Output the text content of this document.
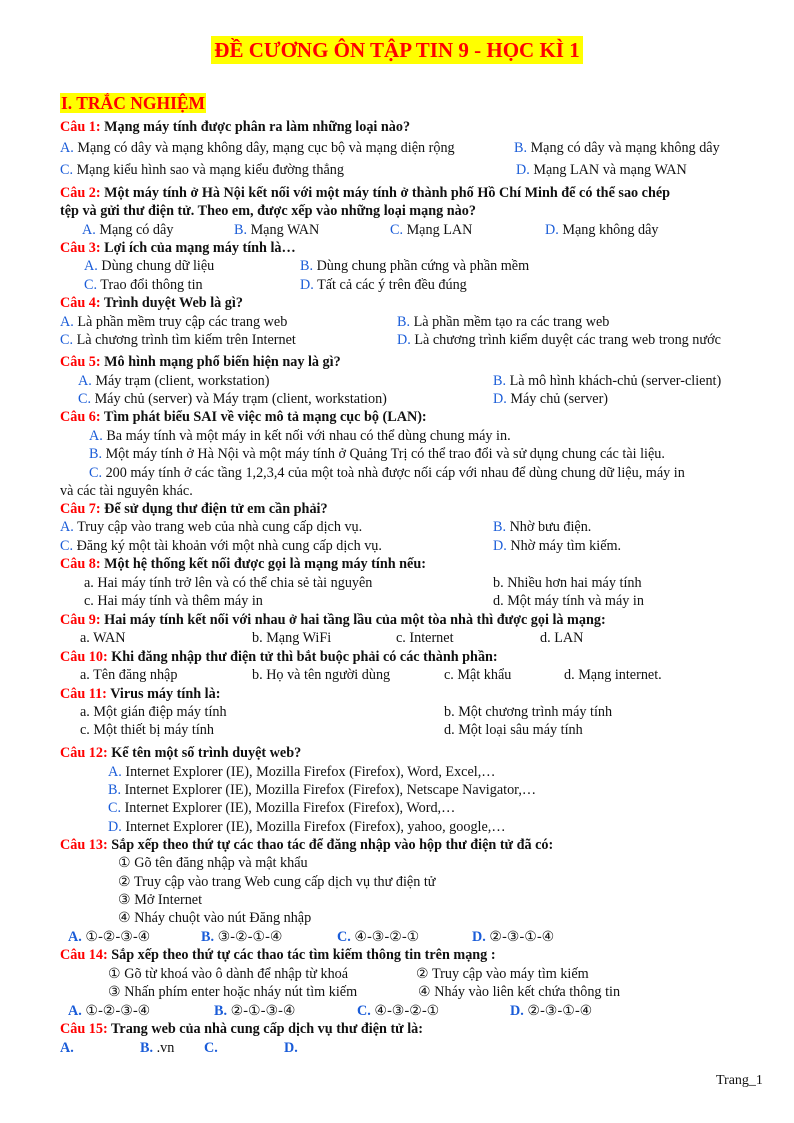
ĐỀ CƯƠNG ÔN TẬP TIN 9 - HỌC KÌ 1
I. TRẮC NGHIỆM
Câu 1: Mạng máy tính được phân ra làm những loại nào?
A. Mạng có dây và mạng không dây, mạng cục bộ và mạng diện rộng	B. Mạng có dây và mạng không dây
C. Mạng kiểu hình sao và mạng kiểu đường thẳng	D. Mạng LAN và mạng WAN
Câu 2: Một máy tính ở Hà Nội kết nối với một máy tính ở thành phố Hồ Chí Minh để có thể sao chép
tệp và gửi thư điện tử. Theo em, được xếp vào những loại mạng nào?
A. Mạng có dây	B. Mạng WAN	C. Mạng LAN	D. Mạng không dây
Câu 3: Lợi ích của mạng máy tính là…
A. Dùng chung dữ liệu	B. Dùng chung phần cứng và phần mềm
C. Trao đổi thông tin	D. Tất cả các ý trên đều đúng
Câu 4: Trình duyệt Web là gì?
A. Là phần mềm truy cập các trang web	B. Là phần mềm tạo ra các trang web
C. Là chương trình tìm kiếm trên Internet	D. Là chương trình kiểm duyệt các trang web trong nước
Câu 5: Mô hình mạng phổ biến hiện nay là gì?
A. Máy trạm (client, workstation)	B. Là mô hình khách-chủ (server-client)
C. Máy chủ (server) và Máy trạm (client, workstation)	D. Máy chủ (server)
Câu 6: Tìm phát biểu SAI về việc mô tả mạng cục bộ (LAN):
A. Ba máy tính và một máy in kết nối với nhau có thể dùng chung máy in.
B. Một máy tính ở Hà Nội và một máy tính ở Quảng Trị có thể trao đổi và sử dụng chung các tài liệu.
C. 200 máy tính ở các tầng 1,2,3,4 của một toà nhà được nối cáp với nhau để dùng chung dữ liệu, máy in
và các tài nguyên khác.
Câu 7: Để sử dụng thư điện tử em cần phải?
A. Truy cập vào trang web của nhà cung cấp dịch vụ.	B. Nhờ bưu điện.
C. Đăng ký một tài khoản với một nhà cung cấp dịch vụ.	D. Nhờ máy tìm kiếm.
Câu 8: Một hệ thống kết nối được gọi là mạng máy tính nếu:
a. Hai máy tính trở lên và có thể chia sẻ tài nguyên	b. Nhiều hơn hai máy tính
c. Hai máy tính và thêm máy in	d. Một máy tính và máy in
Câu 9: Hai máy tính kết nối với nhau ở hai tầng lầu của một tòa nhà thì được gọi là mạng:
a. WAN	b. Mạng WiFi	c. Internet	d. LAN
Câu 10: Khi đăng nhập thư điện tử thì bắt buộc phải có các thành phần:
a. Tên đăng nhập	b. Họ và tên người dùng	c. Mật khẩu	d. Mạng internet.
Câu 11: Virus máy tính là:
a. Một gián điệp máy tính	b. Một chương trình máy tính
c. Một thiết bị máy tính	d. Một loại sâu máy tính
Câu 12: Kể tên một số trình duyệt web?
A. Internet Explorer (IE), Mozilla Firefox (Firefox), Word, Excel,…
B. Internet Explorer (IE), Mozilla Firefox (Firefox), Netscape Navigator,…
C. Internet Explorer (IE), Mozilla Firefox (Firefox), Word,…
D. Internet Explorer (IE), Mozilla Firefox (Firefox), yahoo, google,…
Câu 13: Sắp xếp theo thứ tự các thao tác để đăng nhập vào hộp thư điện tử đã có:
① Gõ tên đăng nhập và mật khẩu
② Truy cập vào trang Web cung cấp dịch vụ thư điện tử
③ Mở Internet
④ Nháy chuột vào nút Đăng nhập
A. ①-②-③-④	B. ③-②-①-④	C. ④-③-②-①	D. ②-③-①-④
Câu 14: Sắp xếp theo thứ tự các thao tác tìm kiếm thông tin trên mạng :
① Gõ từ khoá vào ô dành để nhập từ khoá	② Truy cập vào máy tìm kiếm
③ Nhấn phím enter hoặc nháy nút tìm kiếm	④ Nháy vào liên kết chứa thông tin
A. ①-②-③-④	B. ②-①-③-④	C. ④-③-②-①	D. ②-③-①-④
Câu 15: Trang web của nhà cung cấp dịch vụ thư điện tử là:
A.	B. .vn C.	D.
Trang_1
